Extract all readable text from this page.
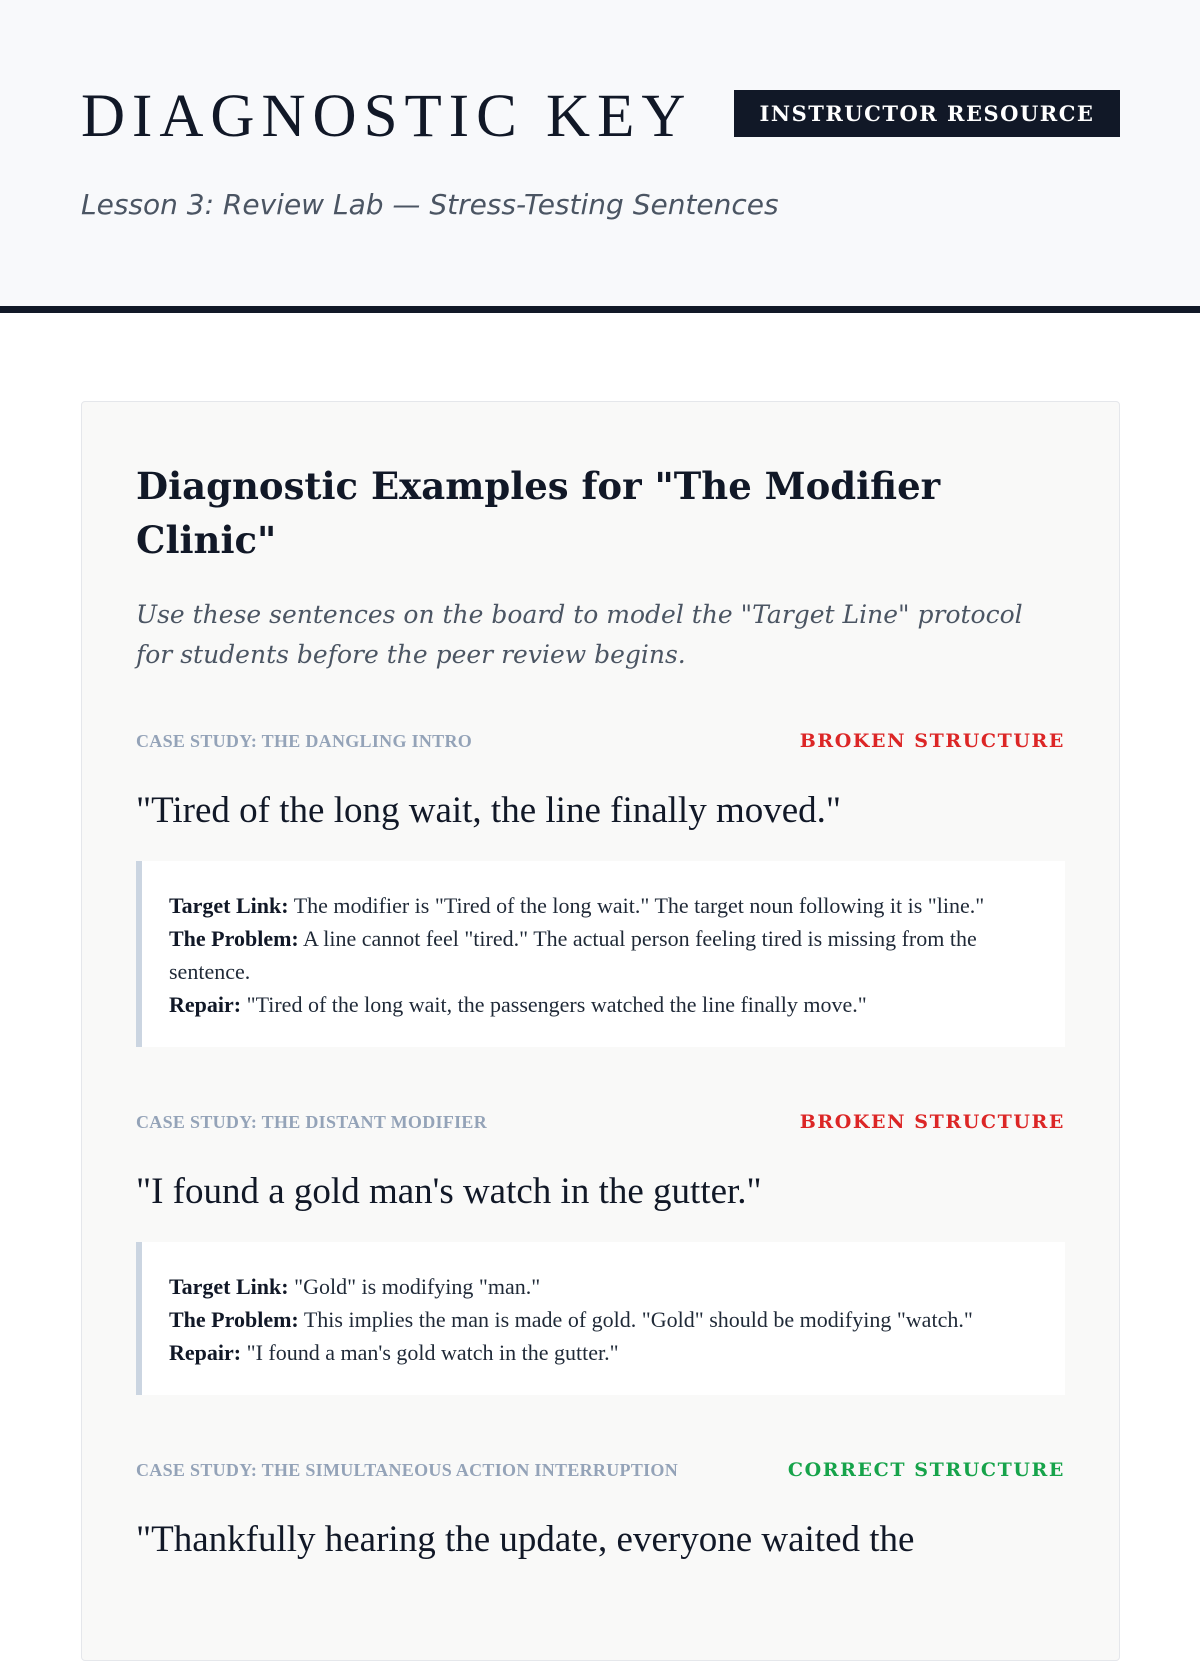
DIAGNOSTIC KEY	INSTRUCTOR RESOURCE

Lesson 3: Review Lab — Stress-Testing Sentences

Diagnostic Examples for "The Modifier Clinic"

Use these sentences on the board to model the "Target Line" protocol for students before the peer review begins.

CASE STUDY: THE DANGLING INTRO	BROKEN STRUCTURE

"Tired of the long wait, the line finally moved."

Target Link: The modifier is "Tired of the long wait." The target noun following it is "line."
The Problem: A line cannot feel "tired." The actual person feeling tired is missing from the sentence.
Repair: "Tired of the long wait, the passengers watched the line finally move."
CASE STUDY: THE DISTANT MODIFIER	BROKEN STRUCTURE

"I found a gold man's watch in the gutter."

Target Link: "Gold" is modifying "man."
The Problem: This implies the man is made of gold. "Gold" should be modifying "watch."
Repair: "I found a man's gold watch in the gutter."
CASE STUDY: THE SIMULTANEOUS ACTION INTERRUPTION	CORRECT STRUCTURE

"Thankfully hearing the update, everyone waited the
